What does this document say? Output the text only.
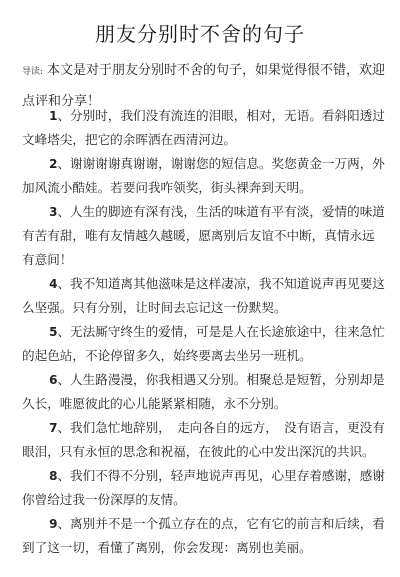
朋友分别时不舍的句子
导读: 本文是对于朋友分别时不舍的句子，如果觉得很不错，欢迎点评和分享！
1、分别时，我们没有流连的泪眼，相对，无语。看斜阳透过文峰塔尖，把它的余晖洒在西清河边。
2、谢谢谢谢真谢谢，谢谢您的短信息。奖您黄金一万两，外加风流小酷娃。若要问我咋领奖，街头裸奔到天明。
3、人生的脚迹有深有浅，生活的味道有平有淡，爱情的味道有苦有甜，唯有友情越久越暖，愿离别后友谊不中断，真情永远有意间！
4、我不知道离其他滋味是这样凄凉，我不知道说声再见要这么坚强。只有分别，让时间去忘记这一份默契。
5、无法厮守终生的爱情，可是是人在长途旅途中，往来急忙的起色站，不论停留多久，始终要离去坐另一班机。
6、人生路漫漫，你我相遇又分别。相聚总是短暂，分别却是久长，唯愿彼此的心儿能紧紧相随，永不分别。
7、我们急忙地辞别，　走向各自的远方，　没有语言，更没有眼泪，只有永恒的思念和祝福，在彼此的心中发出深沉的共识。
8、我们不得不分别，轻声地说声再见，心里存着感谢，感谢你曾给过我一份深厚的友情。
9、离别并不是一个孤立存在的点，它有它的前言和后续，看到了这一切，看懂了离别，你会发现：离别也美丽。
